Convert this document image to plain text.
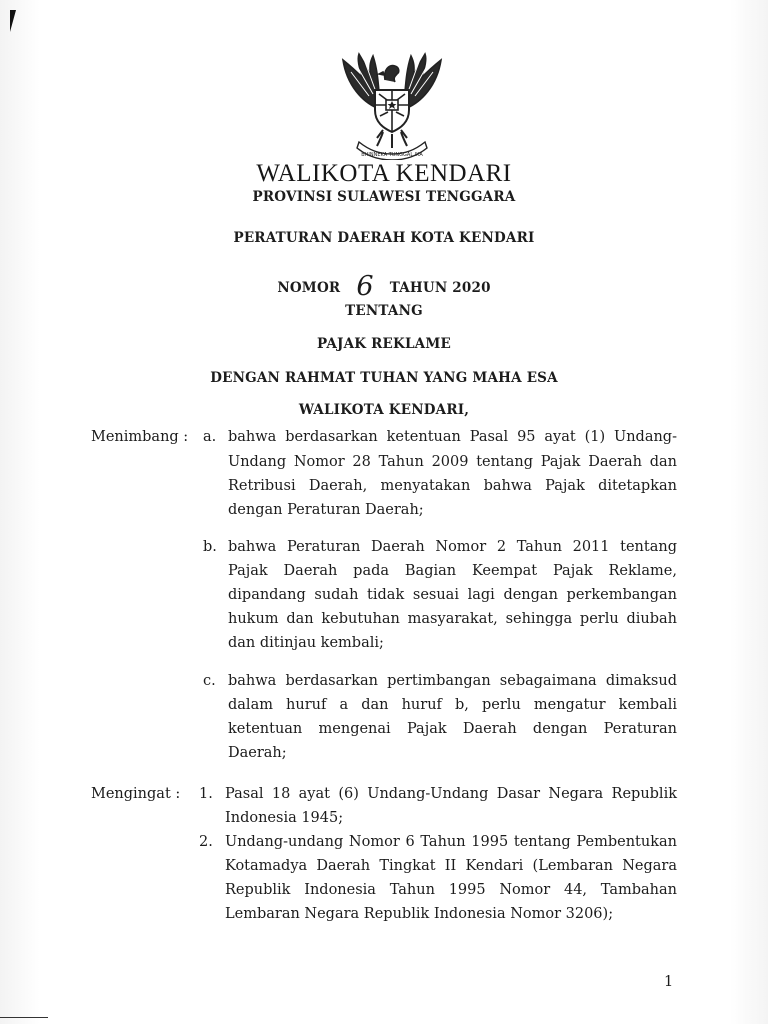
BHINNEKA TUNGGAL IKA
WALIKOTA KENDARI
PROVINSI SULAWESI TENGGARA
PERATURAN DAERAH KOTA KENDARI
NOMOR 6 TAHUN 2020
TENTANG
PAJAK REKLAME
DENGAN RAHMAT TUHAN YANG MAHA ESA
WALIKOTA KENDARI,
Menimbang : a. bahwa berdasarkan ketentuan Pasal 95 ayat (1) Undang-
Undang Nomor 28 Tahun 2009 tentang Pajak Daerah dan
Retribusi Daerah, menyatakan bahwa Pajak ditetapkan
dengan Peraturan Daerah;
b. bahwa Peraturan Daerah Nomor 2 Tahun 2011 tentang
Pajak Daerah pada Bagian Keempat Pajak Reklame,
dipandang sudah tidak sesuai lagi dengan perkembangan
hukum dan kebutuhan masyarakat, sehingga perlu diubah
dan ditinjau kembali;
c. bahwa berdasarkan pertimbangan sebagaimana dimaksud
dalam huruf a dan huruf b, perlu mengatur kembali
ketentuan mengenai Pajak Daerah dengan Peraturan
Daerah;
Mengingat : 1. Pasal 18 ayat (6) Undang-Undang Dasar Negara Republik
Indonesia 1945;
2. Undang-undang Nomor 6 Tahun 1995 tentang Pembentukan
Kotamadya Daerah Tingkat II Kendari (Lembaran Negara
Republik Indonesia Tahun 1995 Nomor 44, Tambahan
Lembaran Negara Republik Indonesia Nomor 3206);
1
